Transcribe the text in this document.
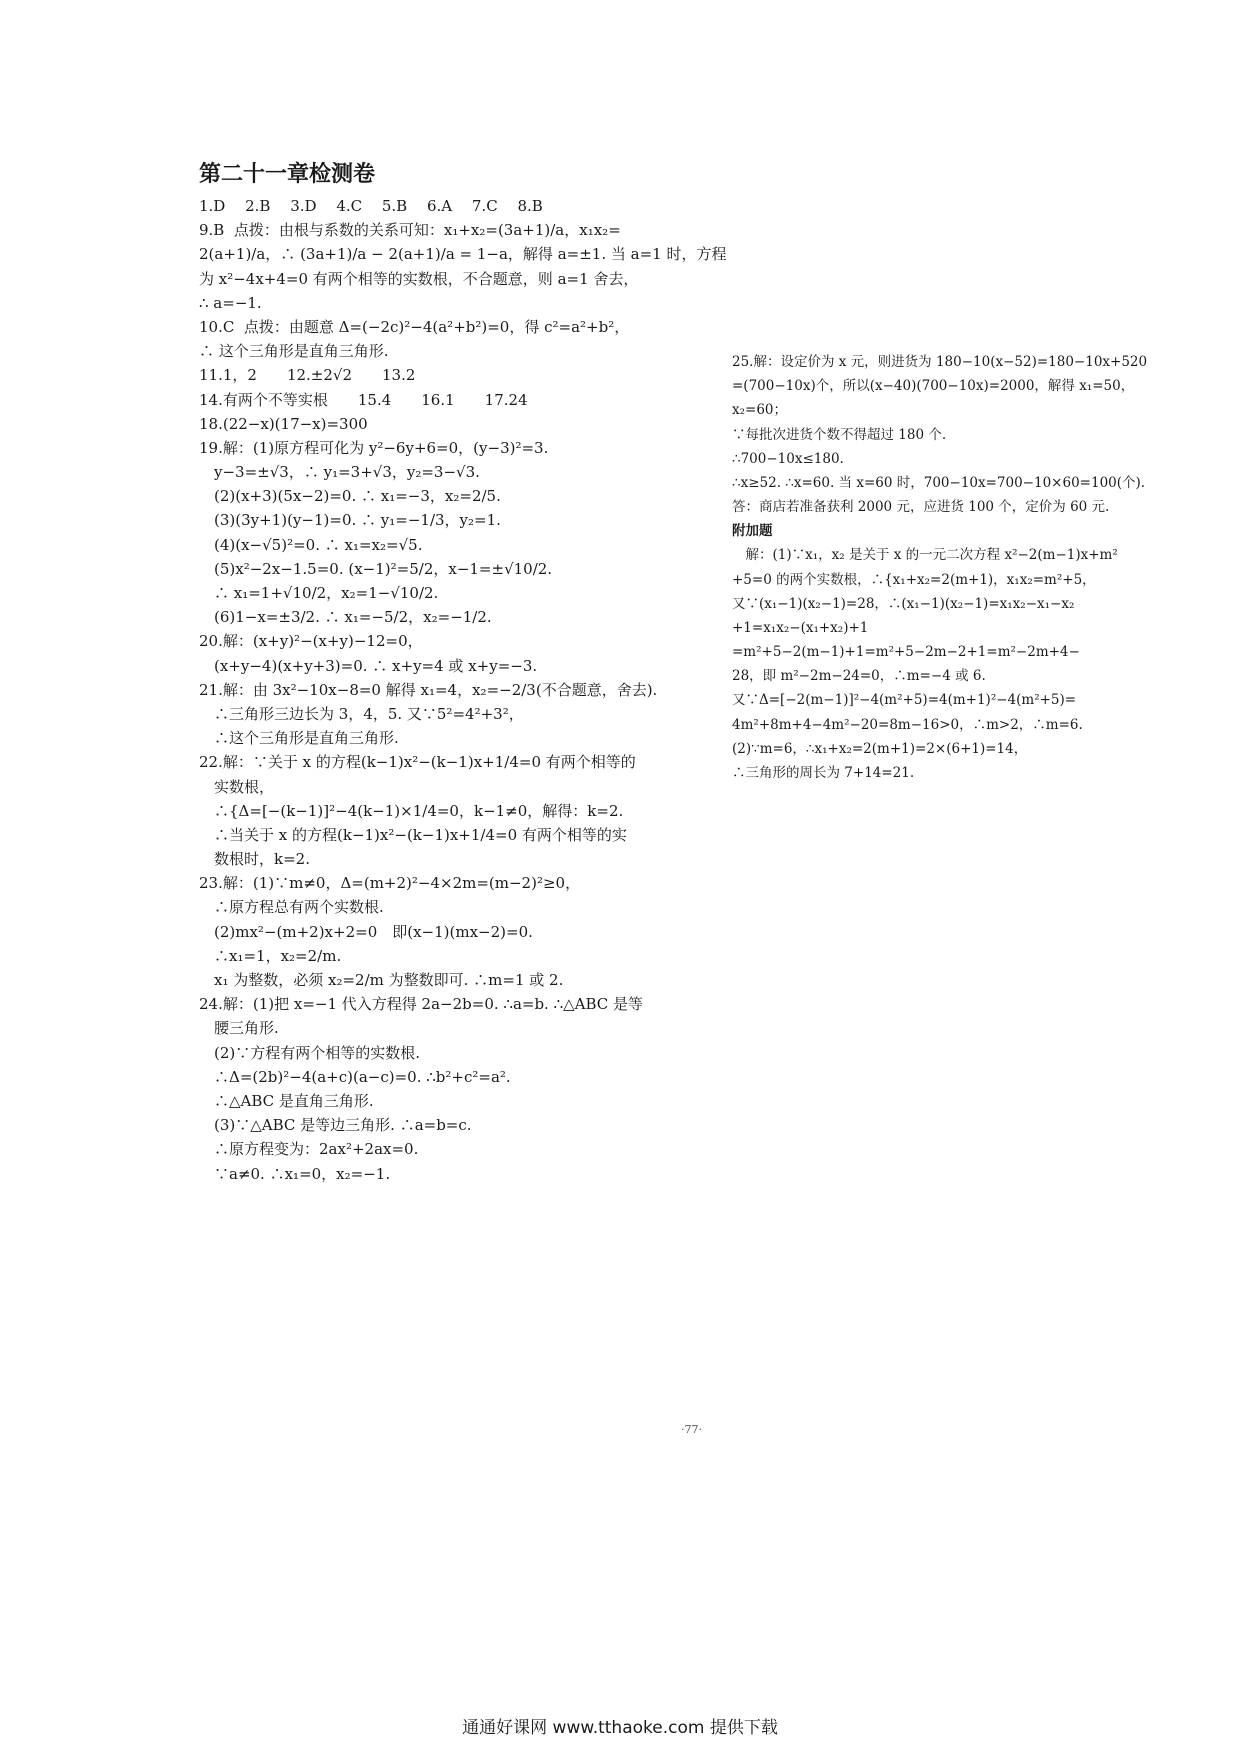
第二十一章检测卷
1.D　 2.B　 3.D　 4.C　 5.B　 6.A　 7.C　 8.B
9.B  点拨：由根与系数的关系可知：x₁+x₂=(3a+1)/a，x₁x₂=
2(a+1)/a，∴ (3a+1)/a − 2(a+1)/a = 1−a，解得 a=±1. 当 a=1 时，方程
为 x²−4x+4=0 有两个相等的实数根，不合题意，则 a=1 舍去，
∴ a=−1.
10.C  点拨：由题意 Δ=(−2c)²−4(a²+b²)=0，得 c²=a²+b²，
∴ 这个三角形是直角三角形.
11.1，2　　12.±2√2　　13.2
14.有两个不等实根　　15.4　　16.1　　17.24
18.(22−x)(17−x)=300
19.解：(1)原方程可化为 y²−6y+6=0，(y−3)²=3.
　y−3=±√3，∴ y₁=3+√3，y₂=3−√3.
　(2)(x+3)(5x−2)=0. ∴ x₁=−3，x₂=2/5.
　(3)(3y+1)(y−1)=0. ∴ y₁=−1/3，y₂=1.
　(4)(x−√5)²=0. ∴ x₁=x₂=√5.
　(5)x²−2x−1.5=0. (x−1)²=5/2，x−1=±√10/2.
　∴ x₁=1+√10/2，x₂=1−√10/2.
　(6)1−x=±3/2. ∴ x₁=−5/2，x₂=−1/2.
20.解：(x+y)²−(x+y)−12=0，
　(x+y−4)(x+y+3)=0. ∴ x+y=4 或 x+y=−3.
21.解：由 3x²−10x−8=0 解得 x₁=4，x₂=−2/3(不合题意，舍去).
　∴三角形三边长为 3，4，5. 又∵5²=4²+3²，
　∴这个三角形是直角三角形.
22.解：∵关于 x 的方程(k−1)x²−(k−1)x+1/4=0 有两个相等的
　实数根，
　∴{Δ=[−(k−1)]²−4(k−1)×1/4=0，k−1≠0，解得：k=2.
　∴当关于 x 的方程(k−1)x²−(k−1)x+1/4=0 有两个相等的实
　数根时，k=2.
23.解：(1)∵m≠0，Δ=(m+2)²−4×2m=(m−2)²≥0，
　∴原方程总有两个实数根.
　(2)mx²−(m+2)x+2=0　即(x−1)(mx−2)=0.
　∴x₁=1，x₂=2/m.
　x₁ 为整数，必须 x₂=2/m 为整数即可. ∴m=1 或 2.
24.解：(1)把 x=−1 代入方程得 2a−2b=0. ∴a=b. ∴△ABC 是等
　腰三角形.
　(2)∵方程有两个相等的实数根.
　∴Δ=(2b)²−4(a+c)(a−c)=0. ∴b²+c²=a².
　∴△ABC 是直角三角形.
　(3)∵△ABC 是等边三角形. ∴a=b=c.
　∴原方程变为：2ax²+2ax=0.
　∵a≠0. ∴x₁=0，x₂=−1.
25.解：设定价为 x 元，则进货为 180−10(x−52)=180−10x+520
=(700−10x)个，所以(x−40)(700−10x)=2000，解得 x₁=50，
x₂=60；
∵每批次进货个数不得超过 180 个.
∴700−10x≤180.
∴x≥52. ∴x=60. 当 x=60 时，700−10x=700−10×60=100(个).
答：商店若准备获利 2000 元，应进货 100 个，定价为 60 元.
附加题
　解：(1)∵x₁，x₂ 是关于 x 的一元二次方程 x²−2(m−1)x+m²
+5=0 的两个实数根，∴{x₁+x₂=2(m+1)，x₁x₂=m²+5，
又∵(x₁−1)(x₂−1)=28，∴(x₁−1)(x₂−1)=x₁x₂−x₁−x₂
+1=x₁x₂−(x₁+x₂)+1
=m²+5−2(m−1)+1=m²+5−2m−2+1=m²−2m+4−
28，即 m²−2m−24=0，∴m=−4 或 6.
又∵Δ=[−2(m−1)]²−4(m²+5)=4(m+1)²−4(m²+5)=
4m²+8m+4−4m²−20=8m−16>0，∴m>2，∴m=6.
(2)∵m=6，∴x₁+x₂=2(m+1)=2×(6+1)=14，
∴三角形的周长为 7+14=21.
·77·
通通好课网 www.tthaoke.com 提供下载
